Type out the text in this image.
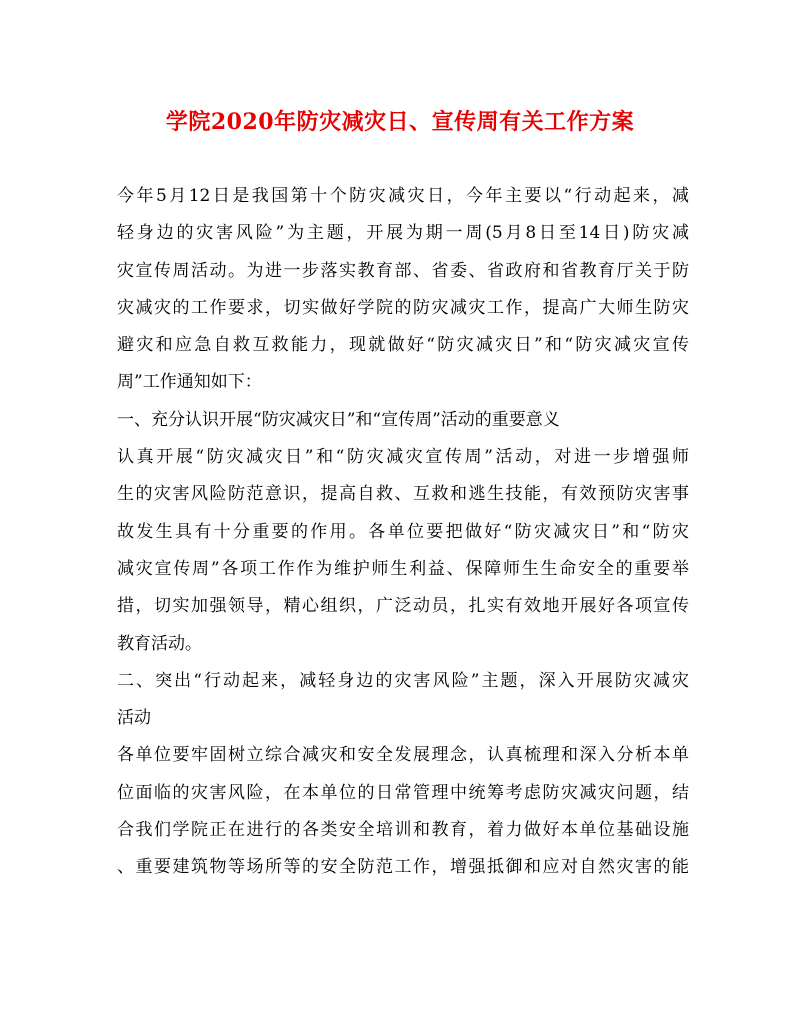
学院2020年防灾减灾日、宣传周有关工作方案
今年5月12日是我国第十个防灾减灾日，今年主要以“行动起来，减
轻身边的灾害风险”为主题，开展为期一周(5月8日至14日)防灾减
灾宣传周活动。为进一步落实教育部、省委、省政府和省教育厅关于防
灾减灾的工作要求，切实做好学院的防灾减灾工作，提高广大师生防灾
避灾和应急自救互救能力，现就做好“防灾减灾日”和“防灾减灾宣传
周”工作通知如下：
一、充分认识开展“防灾减灾日”和“宣传周”活动的重要意义
认真开展“防灾减灾日”和“防灾减灾宣传周”活动，对进一步增强师
生的灾害风险防范意识，提高自救、互救和逃生技能，有效预防灾害事
故发生具有十分重要的作用。各单位要把做好“防灾减灾日”和“防灾
减灾宣传周”各项工作作为维护师生利益、保障师生生命安全的重要举
措，切实加强领导，精心组织，广泛动员，扎实有效地开展好各项宣传
教育活动。
二、突出“行动起来，减轻身边的灾害风险”主题，深入开展防灾减灾
活动
各单位要牢固树立综合减灾和安全发展理念，认真梳理和深入分析本单
位面临的灾害风险，在本单位的日常管理中统筹考虑防灾减灾问题，结
合我们学院正在进行的各类安全培训和教育，着力做好本单位基础设施
、重要建筑物等场所等的安全防范工作，增强抵御和应对自然灾害的能
